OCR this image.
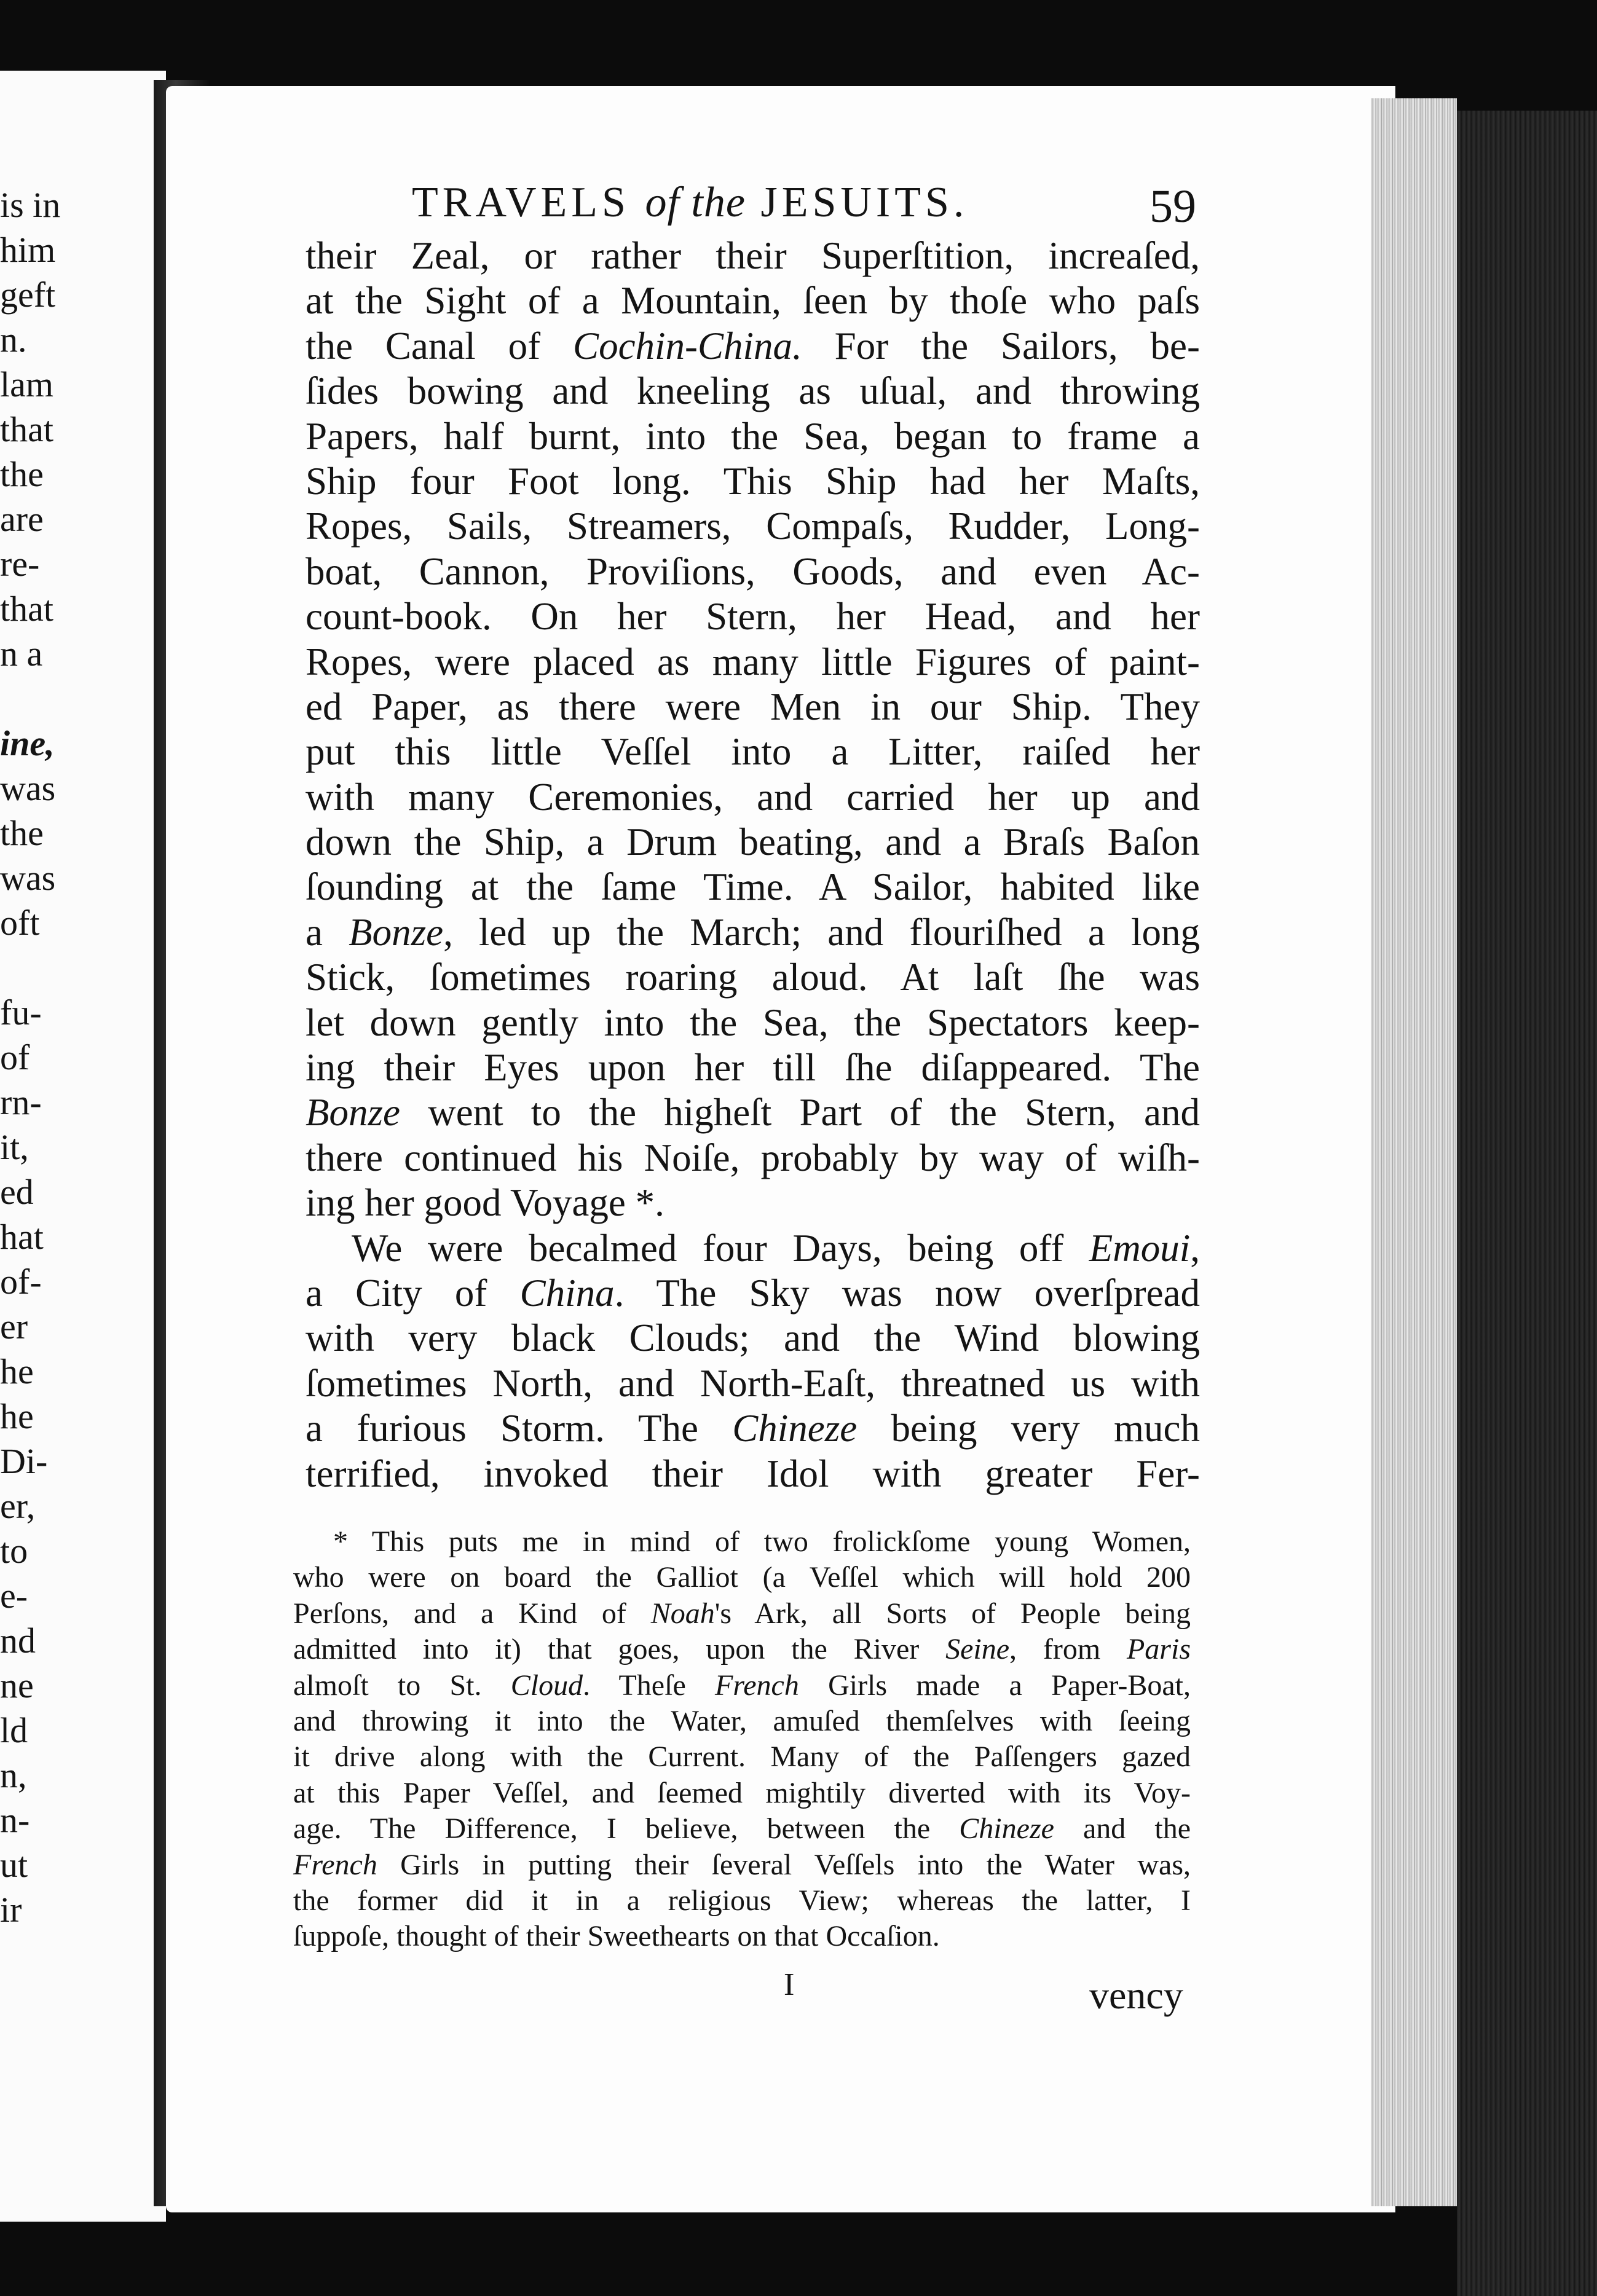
is in
him
geft
n.
lam
that
the
are
re-
that
n a
ine,
was
the
was
oft
fu-
of
rn-
it,
ed
hat
of-
er
he
he
Di-
er,
to
e-
nd
ne
ld
n,
n-
ut
ir
TRAVELS of the JESUITS.	59
their Zeal, or rather their Superſtition, increaſed,
at the Sight of a Mountain, ſeen by thoſe who paſs
the Canal of Cochin-China. For the Sailors, be-
ſides bowing and kneeling as uſual, and throwing
Papers, half burnt, into the Sea, began to frame a
Ship four Foot long. This Ship had her Maſts,
Ropes, Sails, Streamers, Compaſs, Rudder, Long-
boat, Cannon, Proviſions, Goods, and even Ac-
count-book. On her Stern, her Head, and her
Ropes, were placed as many little Figures of paint-
ed Paper, as there were Men in our Ship. They
put this little Veſſel into a Litter, raiſed her
with many Ceremonies, and carried her up and
down the Ship, a Drum beating, and a Braſs Baſon
ſounding at the ſame Time. A Sailor, habited like
a Bonze, led up the March; and flouriſhed a long
Stick, ſometimes roaring aloud. At laſt ſhe was
let down gently into the Sea, the Spectators keep-
ing their Eyes upon her till ſhe diſappeared. The
Bonze went to the higheſt Part of the Stern, and
there continued his Noiſe, probably by way of wiſh-
ing her good Voyage *.
We were becalmed four Days, being off Emoui,
a City of China. The Sky was now overſpread
with very black Clouds; and the Wind blowing
ſometimes North, and North-Eaſt, threatned us with
a furious Storm. The Chineze being very much
terrified, invoked their Idol with greater Fer-
* This puts me in mind of two frolickſome young Women,
who were on board the Galliot (a Veſſel which will hold 200
Perſons, and a Kind of Noah's Ark, all Sorts of People being
admitted into it) that goes, upon the River Seine, from Paris
almoſt to St. Cloud. Theſe French Girls made a Paper-Boat,
and throwing it into the Water, amuſed themſelves with ſeeing
it drive along with the Current. Many of the Paſſengers gazed
at this Paper Veſſel, and ſeemed mightily diverted with its Voy-
age. The Difference, I believe, between the Chineze and the
French Girls in putting their ſeveral Veſſels into the Water was,
the former did it in a religious View; whereas the latter, I
ſuppoſe, thought of their Sweethearts on that Occaſion.
I	vency
